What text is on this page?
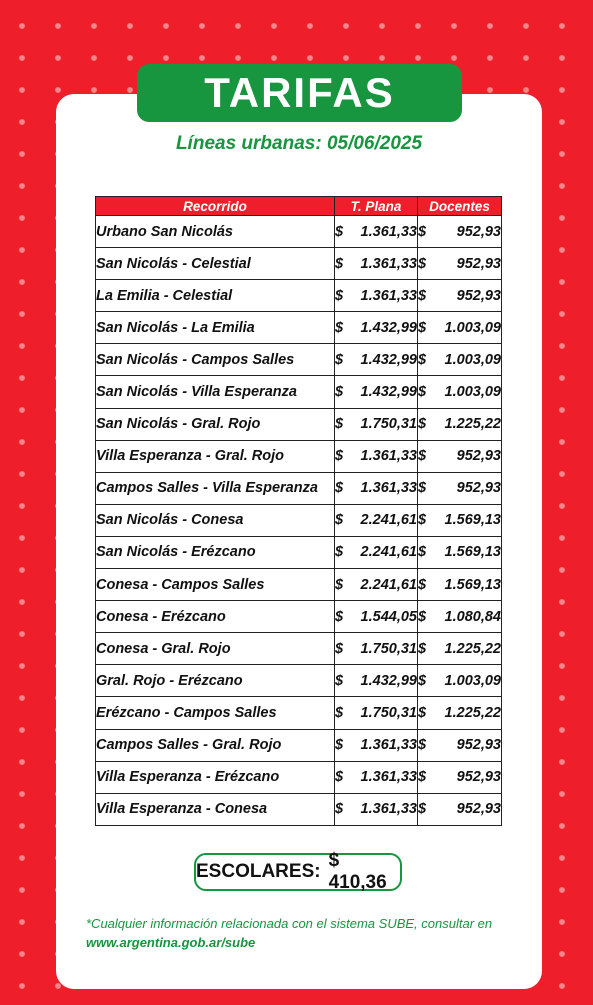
TARIFAS
Líneas urbanas: 05/06/2025
Recorrido	T. Plana	Docentes
Urbano San Nicolás	$ 1.361,33	$ 952,93

San Nicolás - Celestial	$ 1.361,33	$ 952,93

La Emilia - Celestial	$ 1.361,33	$ 952,93

San Nicolás - La Emilia	$ 1.432,99	$ 1.003,09

San Nicolás - Campos Salles	$ 1.432,99	$ 1.003,09

San Nicolás - Villa Esperanza	$ 1.432,99	$ 1.003,09

San Nicolás - Gral. Rojo	$ 1.750,31	$ 1.225,22

Villa Esperanza - Gral. Rojo	$ 1.361,33	$ 952,93

Campos Salles - Villa Esperanza	$ 1.361,33	$ 952,93

San Nicolás - Conesa	$ 2.241,61	$ 1.569,13

San Nicolás - Erézcano	$ 2.241,61	$ 1.569,13

Conesa - Campos Salles	$ 2.241,61	$ 1.569,13

Conesa - Erézcano	$ 1.544,05	$ 1.080,84

Conesa - Gral. Rojo	$ 1.750,31	$ 1.225,22

Gral. Rojo - Erézcano	$ 1.432,99	$ 1.003,09

Erézcano - Campos Salles	$ 1.750,31	$ 1.225,22

Campos Salles - Gral. Rojo	$ 1.361,33	$ 952,93

Villa Esperanza - Erézcano	$ 1.361,33	$ 952,93

Villa Esperanza - Conesa	$ 1.361,33	$ 952,93
ESCOLARES:
$ 410,36
*Cualquier información relacionada con el sistema SUBE, consultar en
www.argentina.gob.ar/sube
